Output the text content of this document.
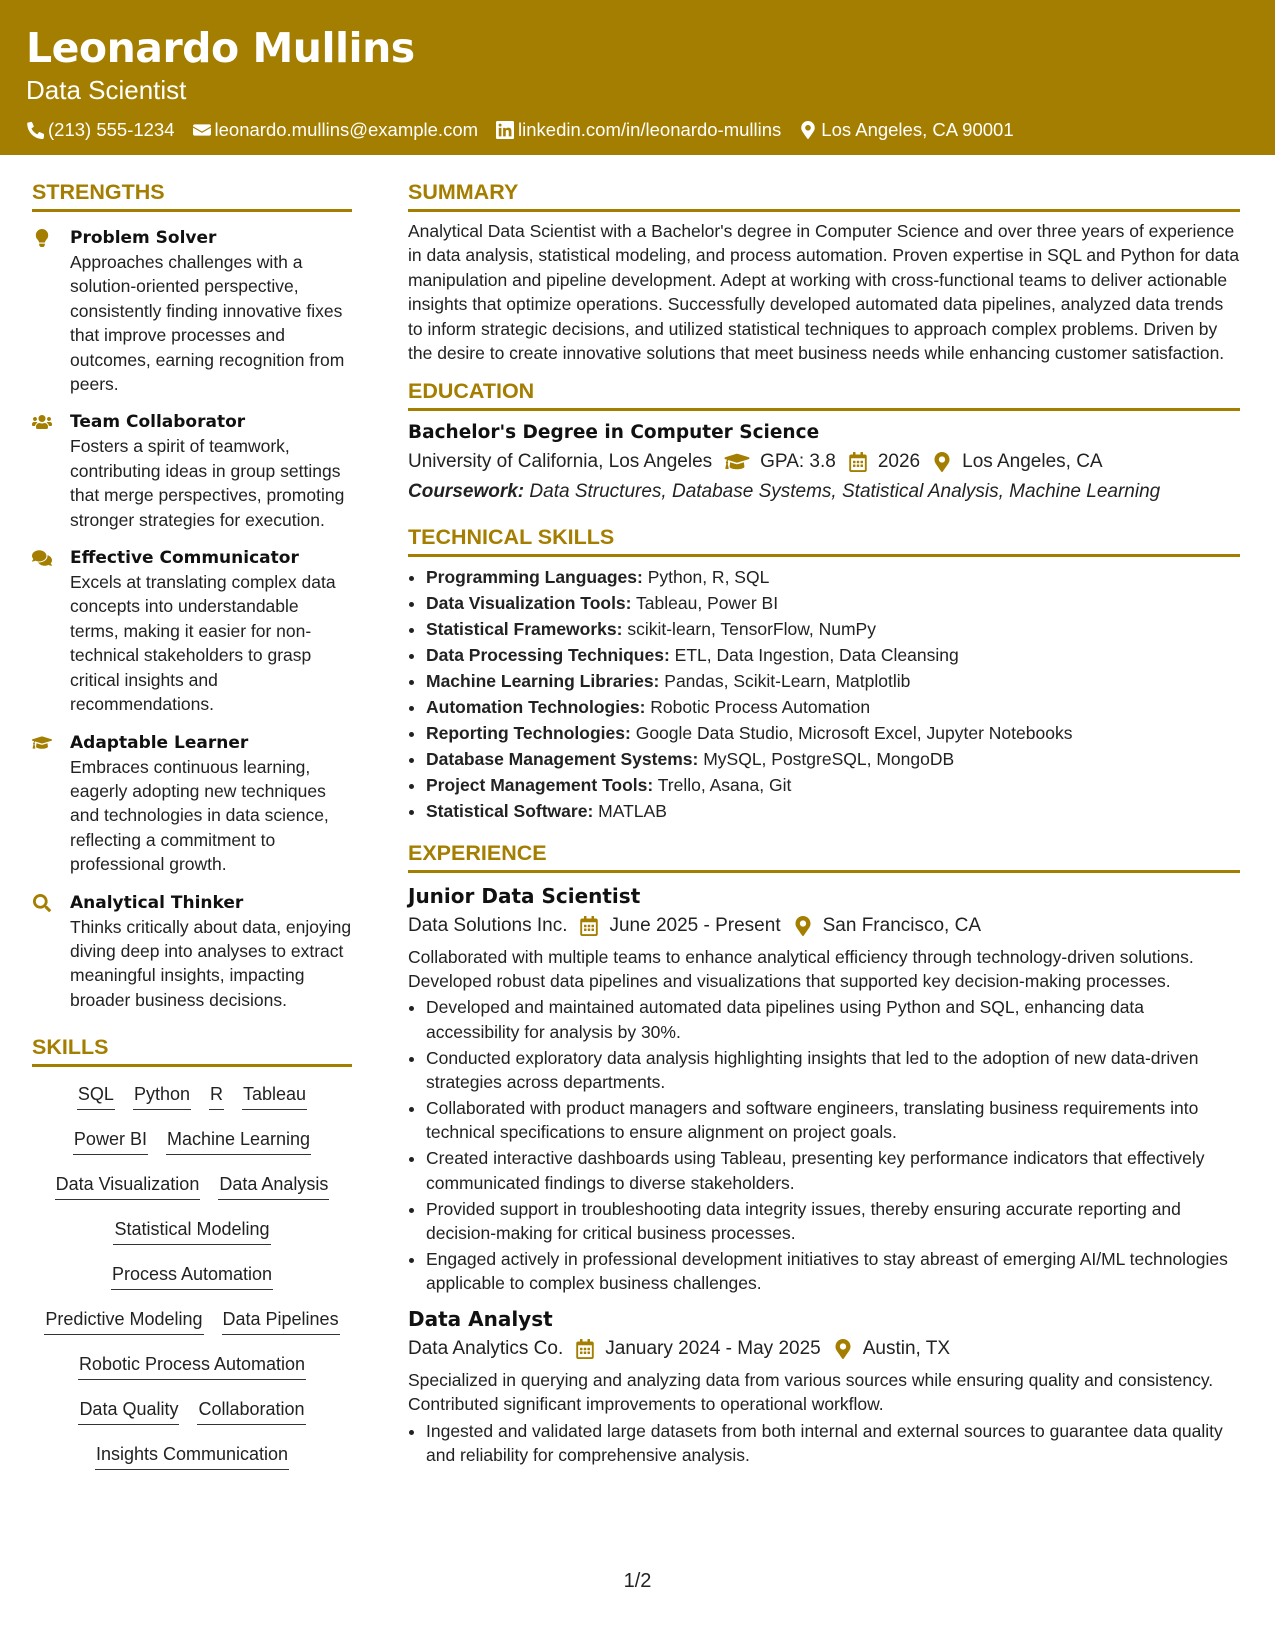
Leonardo Mullins
Data Scientist
(213) 555-1234 leonardo.mullins@example.com linkedin.com/in/leonardo-mullins Los Angeles, CA 90001
STRENGTHS
Problem Solver
Approaches challenges with a solution-oriented perspective, consistently finding innovative fixes that improve processes and outcomes, earning recognition from peers.
Team Collaborator
Fosters a spirit of teamwork, contributing ideas in group settings that merge perspectives, promoting stronger strategies for execution.
Effective Communicator
Excels at translating complex data concepts into understandable terms, making it easier for non-technical stakeholders to grasp critical insights and recommendations.
Adaptable Learner
Embraces continuous learning, eagerly adopting new techniques and technologies in data science, reflecting a commitment to professional growth.
Analytical Thinker
Thinks critically about data, enjoying diving deep into analyses to extract meaningful insights, impacting broader business decisions.
SKILLS
SQL Python R Tableau
Power BI Machine Learning
Data Visualization Data Analysis
Statistical Modeling
Process Automation
Predictive Modeling Data Pipelines
Robotic Process Automation
Data Quality Collaboration
Insights Communication
SUMMARY
Analytical Data Scientist with a Bachelor's degree in Computer Science and over three years of experience in data analysis, statistical modeling, and process automation. Proven expertise in SQL and Python for data manipulation and pipeline development. Adept at working with cross-functional teams to deliver actionable insights that optimize operations. Successfully developed automated data pipelines, analyzed data trends to inform strategic decisions, and utilized statistical techniques to approach complex problems. Driven by the desire to create innovative solutions that meet business needs while enhancing customer satisfaction.
EDUCATION
Bachelor's Degree in Computer Science
University of California, Los Angeles	GPA: 3.8 2026 Los Angeles, CA
Coursework: Data Structures, Database Systems, Statistical Analysis, Machine Learning
TECHNICAL SKILLS
• Programming Languages: Python, R, SQL
• Data Visualization Tools: Tableau, Power BI
• Statistical Frameworks: scikit-learn, TensorFlow, NumPy
• Data Processing Techniques: ETL, Data Ingestion, Data Cleansing
• Machine Learning Libraries: Pandas, Scikit-Learn, Matplotlib
• Automation Technologies: Robotic Process Automation
• Reporting Technologies: Google Data Studio, Microsoft Excel, Jupyter Notebooks
• Database Management Systems: MySQL, PostgreSQL, MongoDB
• Project Management Tools: Trello, Asana, Git
• Statistical Software: MATLAB
EXPERIENCE
Junior Data Scientist
Data Solutions Inc. June 2025 - Present San Francisco, CA
Collaborated with multiple teams to enhance analytical efficiency through technology-driven solutions. Developed robust data pipelines and visualizations that supported key decision-making processes.
• Developed and maintained automated data pipelines using Python and SQL, enhancing data accessibility for analysis by 30%.
• Conducted exploratory data analysis highlighting insights that led to the adoption of new data-driven strategies across departments.
• Collaborated with product managers and software engineers, translating business requirements into technical specifications to ensure alignment on project goals.
• Created interactive dashboards using Tableau, presenting key performance indicators that effectively communicated findings to diverse stakeholders.
• Provided support in troubleshooting data integrity issues, thereby ensuring accurate reporting and decision-making for critical business processes.
• Engaged actively in professional development initiatives to stay abreast of emerging AI/ML technologies applicable to complex business challenges.
Data Analyst
Data Analytics Co. January 2024 - May 2025 Austin, TX
Specialized in querying and analyzing data from various sources while ensuring quality and consistency. Contributed significant improvements to operational workflow.
• Ingested and validated large datasets from both internal and external sources to guarantee data quality and reliability for comprehensive analysis.
1/2
